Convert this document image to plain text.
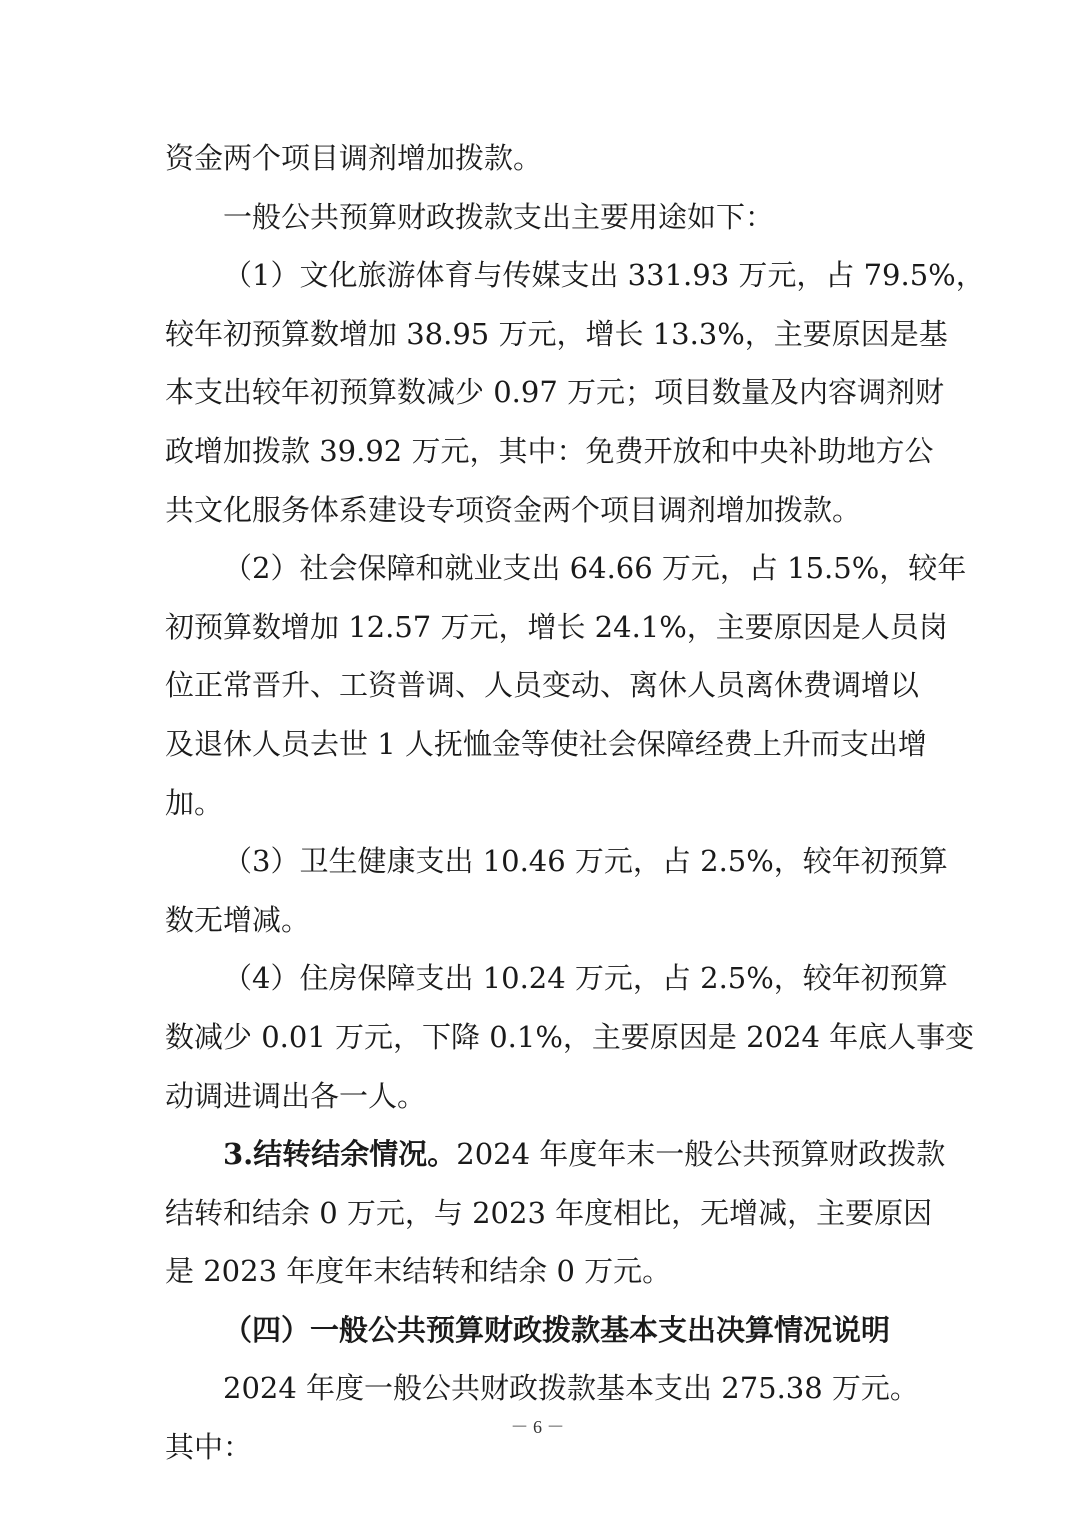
资金两个项目调剂增加拨款。
一般公共预算财政拨款支出主要用途如下：
（1）文化旅游体育与传媒支出 331.93 万元，占 79.5%，
较年初预算数增加 38.95 万元，增长 13.3%，主要原因是基
本支出较年初预算数减少 0.97 万元；项目数量及内容调剂财
政增加拨款 39.92 万元，其中：免费开放和中央补助地方公
共文化服务体系建设专项资金两个项目调剂增加拨款。
（2）社会保障和就业支出 64.66 万元，占 15.5%，较年
初预算数增加 12.57 万元，增长 24.1%，主要原因是人员岗
位正常晋升、工资普调、人员变动、离休人员离休费调增以
及退休人员去世 1 人抚恤金等使社会保障经费上升而支出增
加。
（3）卫生健康支出 10.46 万元，占 2.5%，较年初预算
数无增减。
（4）住房保障支出 10.24 万元，占 2.5%，较年初预算
数减少 0.01 万元，下降 0.1%，主要原因是 2024 年底人事变
动调进调出各一人。
3.结转结余情况。2024 年度年末一般公共预算财政拨款
结转和结余 0 万元，与 2023 年度相比，无增减，主要原因
是 2023 年度年末结转和结余 0 万元。
（四）一般公共预算财政拨款基本支出决算情况说明
2024 年度一般公共财政拨款基本支出 275.38 万元。
其中：
－ 6 －
